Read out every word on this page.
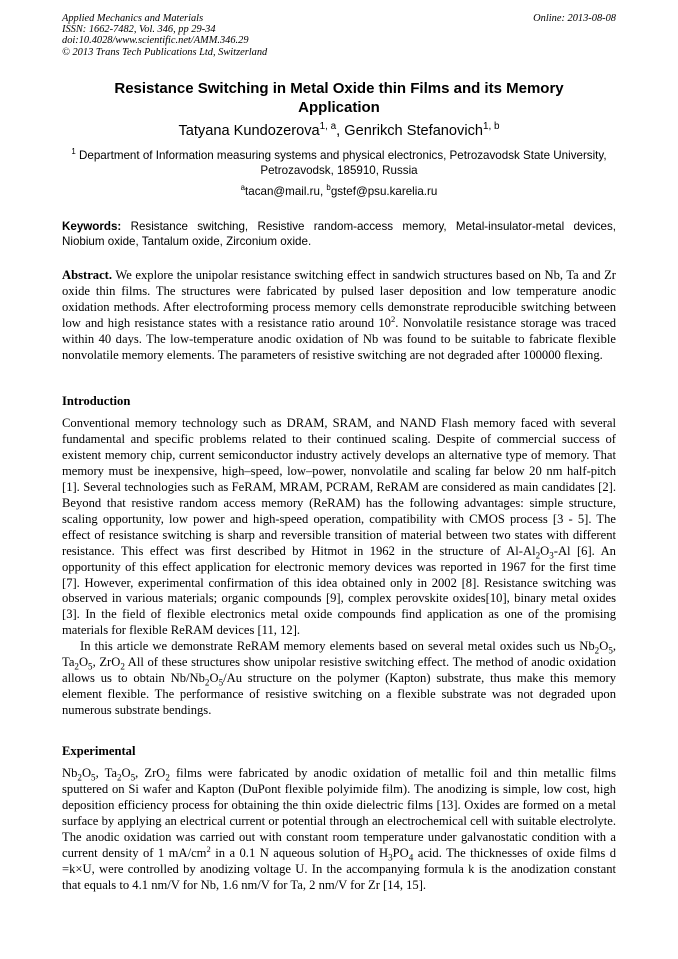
Applied Mechanics and Materials
ISSN: 1662-7482, Vol. 346, pp 29-34
doi:10.4028/www.scientific.net/AMM.346.29
© 2013 Trans Tech Publications Ltd, Switzerland
Online: 2013-08-08
Resistance Switching in Metal Oxide thin Films and its Memory
Application
Tatyana Kundozerova$^{1, a}$, Genrikch Stefanovich$^{1, b}$
$^1$ Department of Information measuring systems and physical electronics, Petrozavodsk State University, Petrozavodsk, 185910, Russia
$^a$tacan@mail.ru, $^b$gstef@psu.karelia.ru
Keywords: Resistance switching, Resistive random-access memory, Metal-insulator-metal devices, Niobium oxide, Tantalum oxide, Zirconium oxide.
Abstract. We explore the unipolar resistance switching effect in sandwich structures based on Nb, Ta and Zr oxide thin films. The structures were fabricated by pulsed laser deposition and low temperature anodic oxidation methods. After electroforming process memory cells demonstrate reproducible switching between low and high resistance states with a resistance ratio around $10^2$. Nonvolatile resistance storage was traced within 40 days. The low-temperature anodic oxidation of Nb was found to be suitable to fabricate flexible nonvolatile memory elements. The parameters of resistive switching are not degraded after 100000 flexing.
Introduction

Conventional memory technology such as DRAM, SRAM, and NAND Flash memory faced with several fundamental and specific problems related to their continued scaling. Despite of commercial success of existent memory chip, current semiconductor industry actively develops an alternative type of memory. That memory must be inexpensive, high–speed, low–power, nonvolatile and scaling far below 20 nm half-pitch [1]. Several technologies such as FeRAM, MRAM, PCRAM, ReRAM are considered as main candidates [2]. Beyond that resistive random access memory (ReRAM) has the following advantages: simple structure, scaling opportunity, low power and high-speed operation, compatibility with CMOS process [3 - 5]. The effect of resistance switching is sharp and reversible transition of material between two states with different resistance. This effect was first described by Hitmot in 1962 in the structure of $Al-Al_2O_3-Al$ [6]. An opportunity of this effect application for electronic memory devices was reported in 1967 for the first time [7]. However, experimental confirmation of this idea obtained only in 2002 [8]. Resistance switching was observed in various materials; organic compounds [9], complex perovskite oxides[10], binary metal oxides [3]. In the field of flexible electronics metal oxide compounds find application as one of the promising materials for flexible ReRAM devices [11, 12].

In this article we demonstrate ReRAM memory elements based on several metal oxides such us $Nb_2O_5$, $Ta_2O_5$, ZrO$_2$ All of these structures show unipolar resistive switching effect. The method of anodic oxidation allows us to obtain $Nb/Nb_2O_5/Au$ structure on the polymer (Kapton) substrate, thus make this memory element flexible. The performance of resistive switching on a flexible substrate was not degraded upon numerous substrate bendings.

Experimental

$Nb_2O_5$, $Ta_2O_5$, ZrO$_2$ films were fabricated by anodic oxidation of metallic foil and thin metallic films sputtered on Si wafer and Kapton (DuPont flexible polyimide film). The anodizing is simple, low cost, high deposition efficiency process for obtaining the thin oxide dielectric films [13]. Oxides are formed on a metal surface by applying an electrical current or potential through an electrochemical cell with suitable electrolyte. The anodic oxidation was carried out with constant room temperature under galvanostatic condition with a current density of 1 $mA/cm^2$ in a 0.1 N aqueous solution of $H_3PO_4$ acid. The thicknesses of oxide films d =k×U, were controlled by anodizing voltage U. In the accompanying formula k is the anodization constant that equals to 4.1 nm/V for Nb, 1.6 nm/V for Ta, 2 nm/V for Zr [14, 15].
